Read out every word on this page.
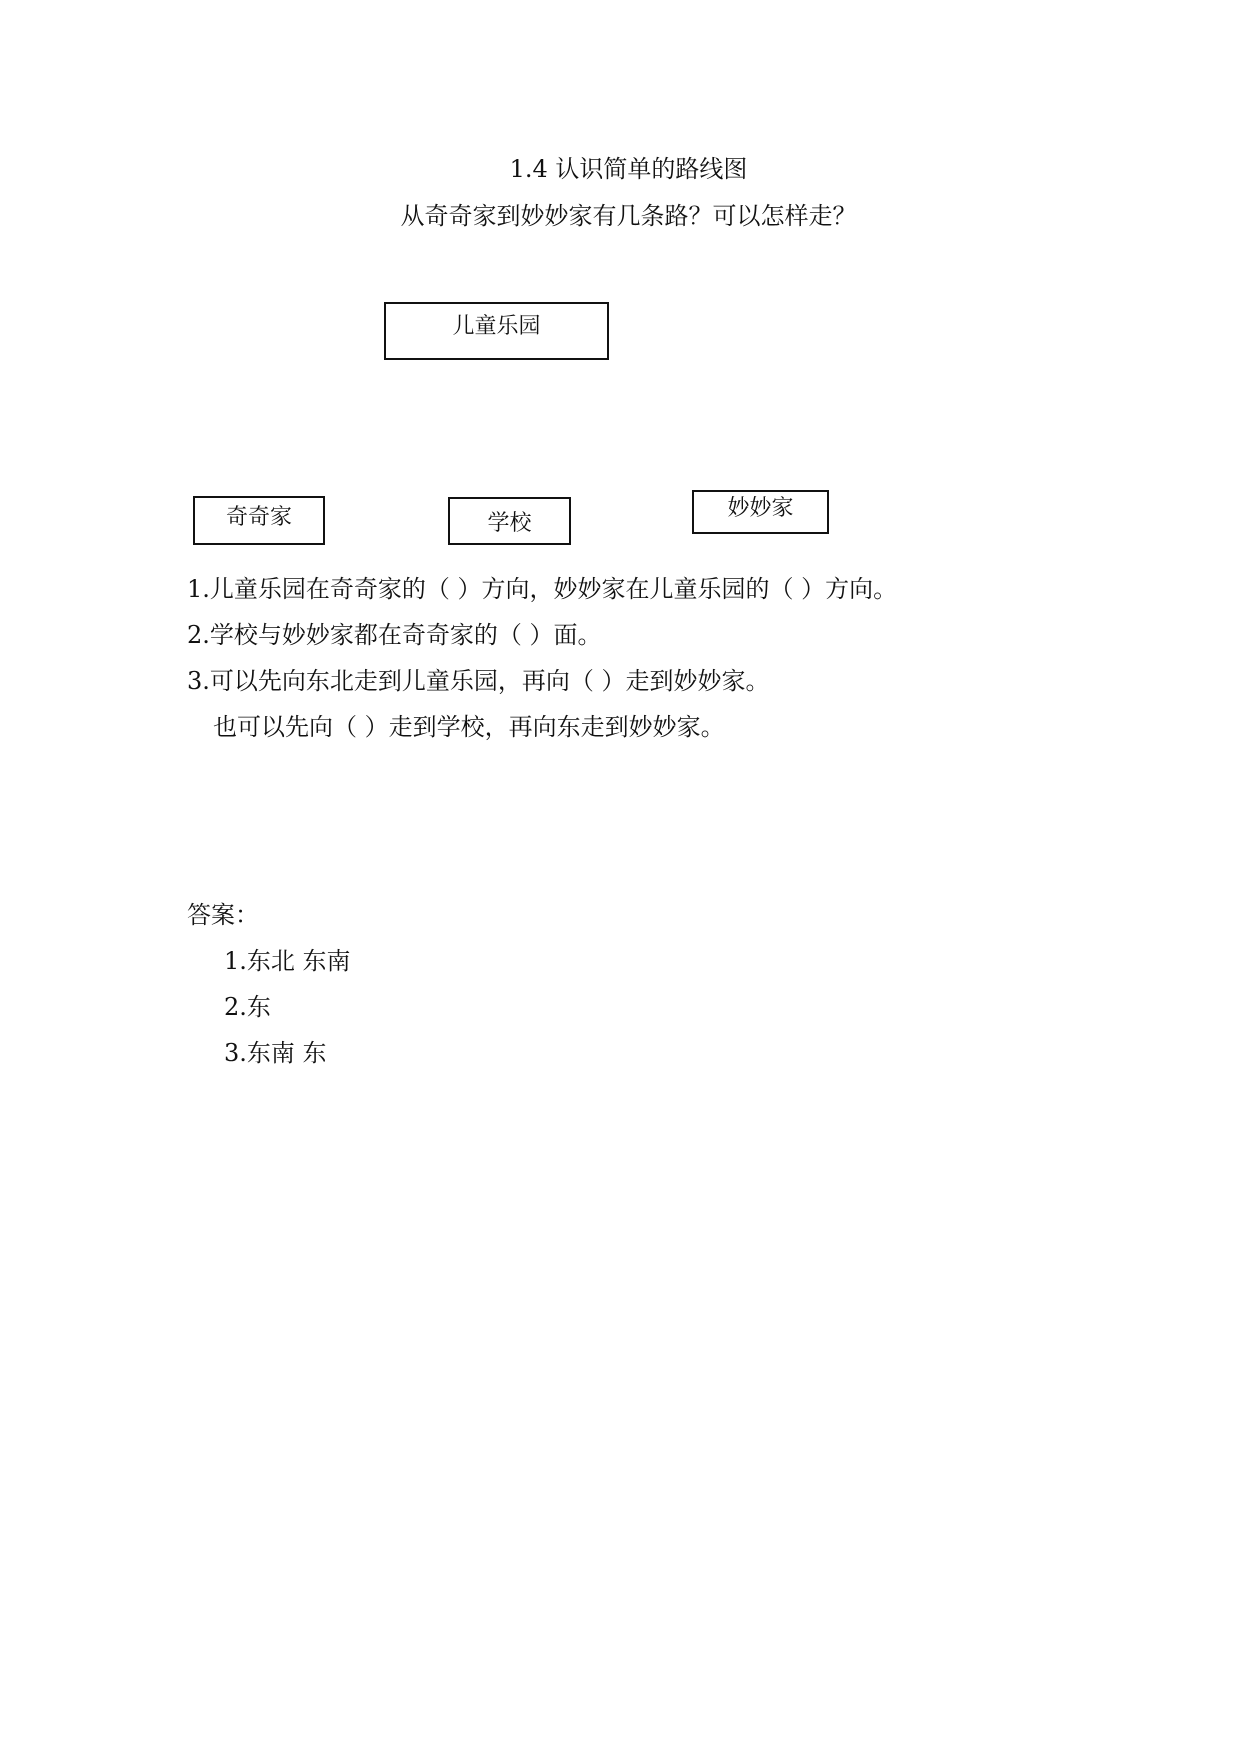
1.4 认识简单的路线图
从奇奇家到妙妙家有几条路？可以怎样走？
儿童乐园
奇奇家	学校
妙妙家
1.儿童乐园在奇奇家的（ ）方向，妙妙家在儿童乐园的（ ）方向。
2.学校与妙妙家都在奇奇家的（ ）面。
3.可以先向东北走到儿童乐园，再向（ ）走到妙妙家。
也可以先向（ ）走到学校，再向东走到妙妙家。
答案：
1.东北 东南
2.东
3.东南 东
